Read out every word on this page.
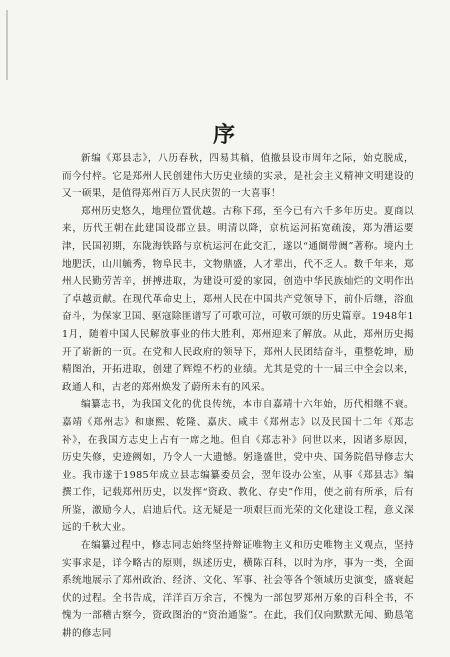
序

新编《郑县志》，八历春秋，四易其稿，值撤县设市周年之际，始克脱成，而今付梓。它是郑州人民创建伟大历史业绩的实录，是社会主义精神文明建设的又一硕果，是值得郑州百万人民庆贺的一大喜事！

郑州历史悠久，地理位置优越。古称下邳，至今已有六千多年历史。夏商以来，历代王朝在此建国设郡立县。明清以降，京杭运河拓宽疏浚，郑为漕运要津，民国初期，东陇海铁路与京杭运河在此交汇，遂以“通阛带阓”著称。境内土地肥沃，山川毓秀，物阜民丰，文物鼎盛，人才辈出，代不乏人。数千年来，郑州人民勤劳苦辛，拼搏进取，为建设可爱的家园，创造中华民族灿烂的文明作出了卓越贡献。在现代革命史上，郑州人民在中国共产党领导下，前仆后继，浴血奋斗，为保家卫国、驱寇除匪谱写了可歌可泣，可敬可颂的历史篇章。1948年11月，随着中国人民解放事业的伟大胜利，郑州迎来了解放。从此，郑州历史揭开了崭新的一页。在党和人民政府的领导下，郑州人民团结奋斗，重整乾坤，励精图治，开拓进取，创建了辉煌不朽的业绩。尤其是党的十一届三中全会以来，政通人和，古老的郑州焕发了蔚所未有的风采。

编纂志书，为我国文化的优良传统，本市自嘉靖十六年始，历代相继不衰。嘉靖《郑州志》和康熙、乾隆、嘉庆、咸丰《郑州志》以及民国十二年《郑志补》，在我国方志史上占有一席之地。但自《郑志补》问世以来，因诸多原因，历史失修，史迹阙如，乃令人一大遗憾。躬逢盛世，党中央、国务院倡导修志大业。我市遂于1985年成立县志编纂委员会，翌年设办公室，从事《郑县志》编撰工作，记载郑州历史，以发挥“资政、教化、存史”作用，使之前有所承，后有所鉴，激励今人，启迪后代。这无疑是一项艰巨而光荣的文化建设工程，意义深远的千秋大业。

在编纂过程中，修志同志始终坚持辩证唯物主义和历史唯物主义观点，坚持实事求是，详今略古的原则，纵述历史，横陈百科，以时为序，事为一类，全面系统地展示了郑州政治、经济、文化、军事、社会等各个领域历史演变，盛衰起伏的过程。全书告成，洋洋百万余言，不愧为一部包罗郑州万象的百科全书，不愧为一部稽古察今，资政图治的“资治通鉴”。在此，我们仅向默默无闻、勤恳笔耕的修志同
